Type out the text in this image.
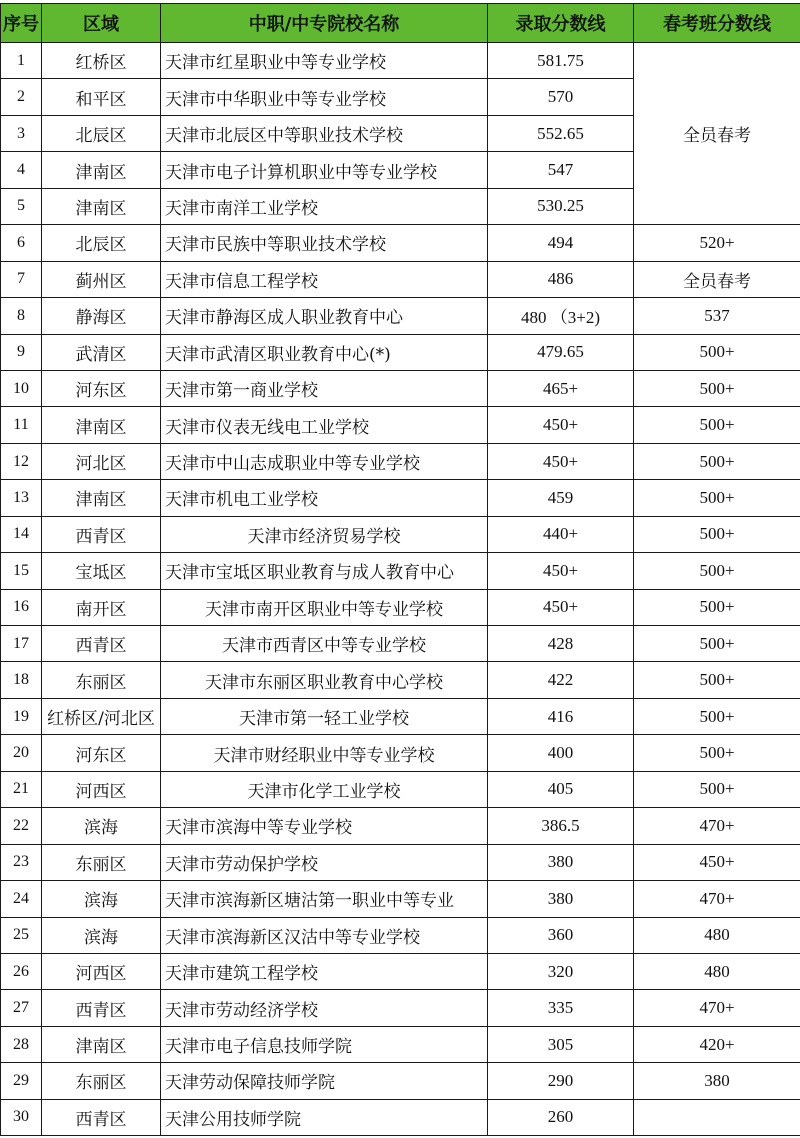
序号	区域	中职/中专院校名称	录取分数线	春考班分数线
1	红桥区	天津市红星职业中等专业学校	581.75	全员春考
2	和平区	天津市中华职业中等专业学校	570	
3	北辰区	天津市北辰区中等职业技术学校	552.65	
4	津南区	天津市电子计算机职业中等专业学校	547	
5	津南区	天津市南洋工业学校	530.25	
6	北辰区	天津市民族中等职业技术学校	494	520+
7	蓟州区	天津市信息工程学校	486	全员春考
8	静海区	天津市静海区成人职业教育中心	480 （3+2)	537
9	武清区	天津市武清区职业教育中心(*)	479.65	500+
10	河东区	天津市第一商业学校	465+	500+
11	津南区	天津市仪表无线电工业学校	450+	500+
12	河北区	天津市中山志成职业中等专业学校	450+	500+
13	津南区	天津市机电工业学校	459	500+
14	西青区	天津市经济贸易学校	440+	500+
15	宝坻区	天津市宝坻区职业教育与成人教育中心	450+	500+
16	南开区	天津市南开区职业中等专业学校	450+	500+
17	西青区	天津市西青区中等专业学校	428	500+
18	东丽区	天津市东丽区职业教育中心学校	422	500+
19	红桥区/河北区	天津市第一轻工业学校	416	500+
20	河东区	天津市财经职业中等专业学校	400	500+
21	河西区	天津市化学工业学校	405	500+
22	滨海	天津市滨海中等专业学校	386.5	470+
23	东丽区	天津市劳动保护学校	380	450+
24	滨海	天津市滨海新区塘沽第一职业中等专业	380	470+
25	滨海	天津市滨海新区汉沽中等专业学校	360	480
26	河西区	天津市建筑工程学校	320	480
27	西青区	天津市劳动经济学校	335	470+
28	津南区	天津市电子信息技师学院	305	420+
29	东丽区	天津劳动保障技师学院	290	380
30	西青区	天津公用技师学院	260	
